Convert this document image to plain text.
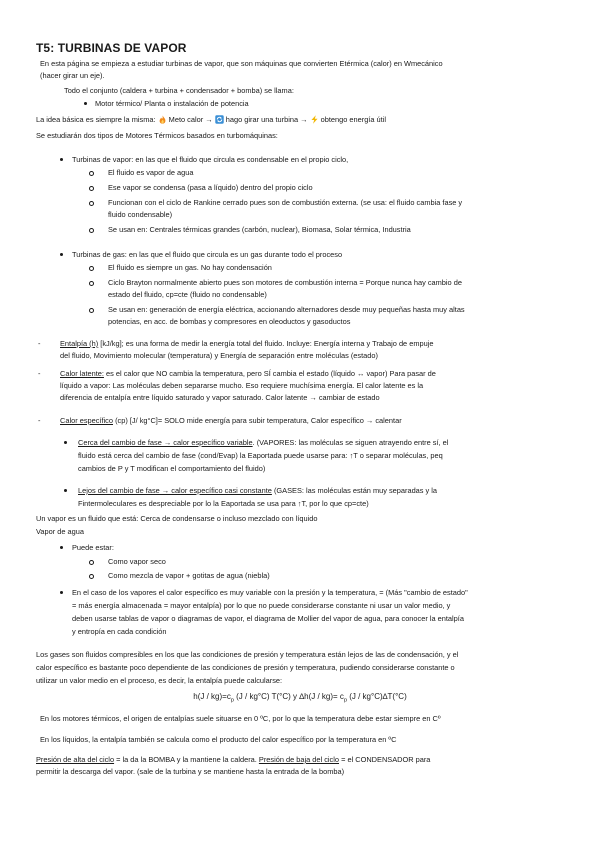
T5: TURBINAS DE VAPOR
En esta página se empieza a estudiar turbinas de vapor, que son máquinas que convierten Etérmica (calor) en Wmecánico
(hacer girar un eje).
Todo el conjunto (caldera + turbina + condensador + bomba) se llama:
Motor térmico/ Planta o instalación de potencia
La idea básica es siempre la misma: Meto calor → hago girar una turbina → obtengo energía útil
Se estudiarán dos tipos de Motores Térmicos basados en turbomáquinas:
Turbinas de vapor: en las que el fluido que circula es condensable en el propio ciclo,
El fluido es vapor de agua
Ese vapor se condensa (pasa a líquido) dentro del propio ciclo
Funcionan con el ciclo de Rankine cerrado pues son de combustión externa. (se usa: el fluido cambia fase y
fluido condensable)
Se usan en: Centrales térmicas grandes (carbón, nuclear), Biomasa, Solar térmica, Industria
Turbinas de gas: en las que el fluido que circula es un gas durante todo el proceso
El fluido es siempre un gas. No hay condensación
Ciclo Brayton normalmente abierto pues son motores de combustión interna = Porque nunca hay cambio de
estado del fluido, cp=cte (fluido no condensable)
Se usan en: generación de energía eléctrica, accionando alternadores desde muy pequeñas hasta muy altas
potencias, en acc. de bombas y compresores en oleoductos y gasoductos
-	Entalpía (h) [kJ/kg]; es una forma de medir la energía total del fluido. Incluye: Energía interna y Trabajo de empuje
del fluido, Movimiento molecular (temperatura) y Energía de separación entre moléculas (estado)
-	Calor latente: es el calor que NO cambia la temperatura, pero SÍ cambia el estado (líquido ↔ vapor) Para pasar de
líquido a vapor: Las moléculas deben separarse mucho. Eso requiere muchísima energía. El calor latente es la
diferencia de entalpía entre líquido saturado y vapor saturado. Calor latente → cambiar de estado
-	Calor específico (cp) [J/ kg°C]= SOLO mide energía para subir temperatura, Calor específico → calentar
Cerca del cambio de fase → calor específico variable. (VAPORES: las moléculas se siguen atrayendo entre sí, el
fluido está cerca del cambio de fase (cond/Evap) la Eaportada puede usarse para: ↑T o separar moléculas, peq
cambios de P y T modifican el comportamiento del fluido)
Lejos del cambio de fase → calor específico casi constante (GASES: las moléculas están muy separadas y la
Fintermoleculares es despreciable por lo la Eaportada se usa para ↑T, por lo que cp=cte)
Un vapor es un fluido que está: Cerca de condensarse o incluso mezclado con líquido
Vapor de agua
Puede estar:
Como vapor seco
Como mezcla de vapor + gotitas de agua (niebla)
En el caso de los vapores el calor específico es muy variable con la presión y la temperatura, = (Más "cambio de estado"
= más energía almacenada = mayor entalpía) por lo que no puede considerarse constante ni usar un valor medio, y
deben usarse tablas de vapor o diagramas de vapor, el diagrama de Mollier del vapor de agua, para conocer la entalpía
y entropía en cada condición
Los gases son fluidos compresibles en los que las condiciones de presión y temperatura están lejos de las de condensación, y el
calor específico es bastante poco dependiente de las condiciones de presión y temperatura, pudiendo considerarse constante o
utilizar un valor medio en el proceso, es decir, la entalpía puede calcularse:
$h(J / kg)=c_p$ (J / kg°C) T(°C) y $\Delta h(J / kg)= c_p$ (J / kg°C)∆T(°C)
En los motores térmicos, el origen de entalpías suele situarse en 0 ºC, por lo que la temperatura debe estar siempre en Cº
En los líquidos, la entalpía también se calcula como el producto del calor específico por la temperatura en ºC
Presión de alta del ciclo = la da la BOMBA y la mantiene la caldera. Presión de baja del ciclo = el CONDENSADOR para
permitir la descarga del vapor. (sale de la turbina y se mantiene hasta la entrada de la bomba)
